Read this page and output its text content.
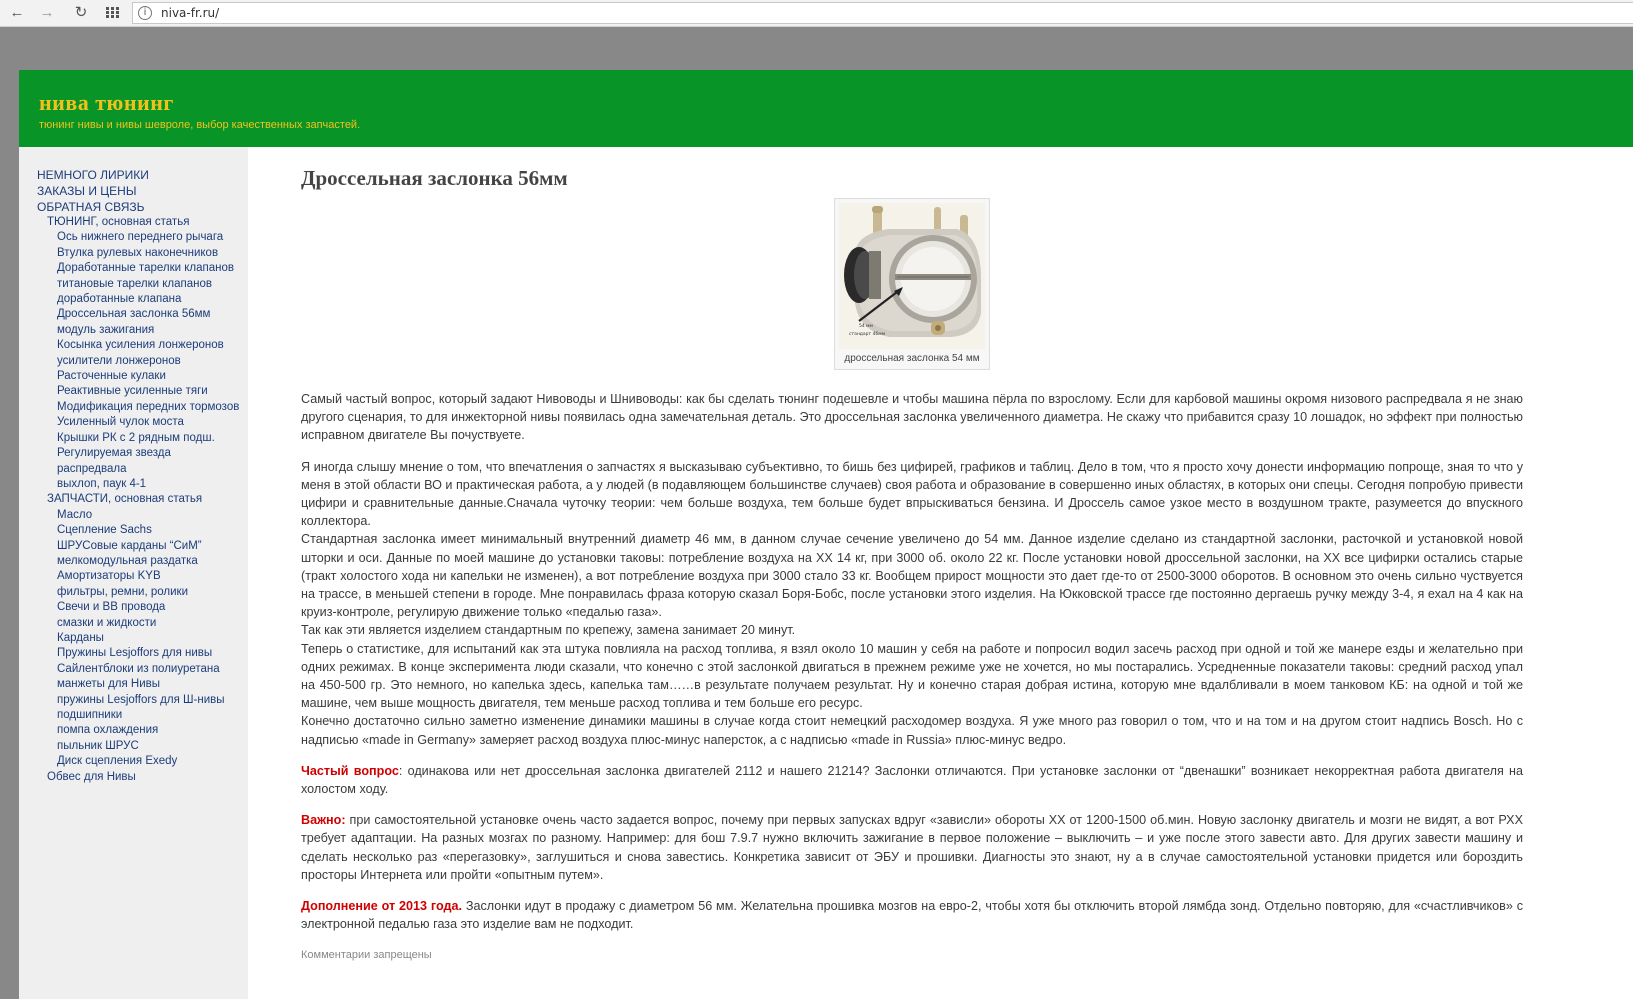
← → ↻	i	niva-fr.ru/
нива тюнинг
тюнинг нивы и нивы шевроле, выбор качественных запчастей.
НЕМНОГО ЛИРИКИ
ЗАКАЗЫ И ЦЕНЫ
ОБРАТНАЯ СВЯЗЬ
ТЮНИНГ, основная статья
Ось нижнего переднего рычага
Втулка рулевых наконечников
Доработанные тарелки клапанов
титановые тарелки клапанов
доработанные клапана
Дроссельная заслонка 56мм
модуль зажигания
Косынка усиления лонжеронов
усилители лонжеронов
Расточенные кулаки
Реактивные усиленные тяги
Модификация передних тормозов
Усиленный чулок моста
Крышки РК с 2 рядным подш.
Регулируемая звезда распредвала
выхлоп, паук 4-1
ЗАПЧАСТИ, основная статья
Масло
Сцепление Sachs
ШРУСовые карданы “СиМ”
мелкомодульная раздатка
Амортизаторы KYB
фильтры, ремни, ролики
Свечи и ВВ провода
смазки и жидкости
Карданы
Пружины Lesjoffors для нивы
Сайлентблоки из полиуретана
манжеты для Нивы
пружины Lesjoffors для Ш-нивы
подшипники
помпа охлаждения
пыльник ШРУС
Диск сцепления Exedy
Обвес для Нивы
Дроссельная заслонка 56мм
54 мм
стандарт 46мм
дроссельная заслонка 54 мм

Самый частый вопрос, который задают Нивоводы и Шнивоводы: как бы сделать тюнинг подешевле и чтобы машина пёрла по взрослому. Если для карбовой машины окромя низового распредвала я не знаю другого сценария, то для инжекторной нивы появилась одна замечательная деталь. Это дроссельная заслонка увеличенного диаметра. Не скажу что прибавится сразу 10 лошадок, но эффект при полностью исправном двигателе Вы почуствуете.

Я иногда слышу мнение о том, что впечатления о запчастях я высказываю субъективно, то бишь без цифирей, графиков и таблиц. Дело в том, что я просто хочу донести информацию попроще, зная то что у меня в этой области ВО и практическая работа, а у людей (в подавляющем большинстве случаев) своя работа и образование в совершенно иных областях, в которых они спецы. Сегодня попробую привести цифири и сравнительные данные.Сначала чуточку теории: чем больше воздуха, тем больше будет впрыскиваться бензина. И Дроссель самое узкое место в воздушном тракте, разумеется до впускного коллектора.

Стандартная заслонка имеет минимальный внутренний диаметр 46 мм, в данном случае сечение увеличено до 54 мм. Данное изделие сделано из стандартной заслонки, расточкой и установкой новой шторки и оси. Данные по моей машине до установки таковы: потребление воздуха на ХХ 14 кг, при 3000 об. около 22 кг. После установки новой дроссельной заслонки, на ХХ все цифирки остались старые (тракт холостого хода ни капельки не изменен), а вот потребление воздуха при 3000 стало 33 кг. Вообщем прирост мощности это дает где-то от 2500-3000 оборотов. В основном это очень сильно чуствуется на трассе, в меньшей степени в городе. Мне понравилась фраза которую сказал Боря-Бобс, после установки этого изделия. На Юкковской трассе где постоянно дергаешь ручку между 3-4, я ехал на 4 как на круиз-контроле, регулирую движение только «педалью газа».

Так как эти является изделием стандартным по крепежу, замена занимает 20 минут.

Теперь о статистике, для испытаний как эта штука повлияла на расход топлива, я взял около 10 машин у себя на работе и попросил водил засечь расход при одной и той же манере езды и желательно при одних режимах. В конце эксперимента люди сказали, что конечно с этой заслонкой двигаться в прежнем режиме уже не хочется, но мы постарались. Усредненные показатели таковы: средний расход упал на 450-500 гр. Это немного, но капелька здесь, капелька там……в результате получаем результат. Ну и конечно старая добрая истина, которую мне вдалбливали в моем танковом КБ: на одной и той же машине, чем выше мощность двигателя, тем меньше расход топлива и тем больше его ресурс.

Конечно достаточно сильно заметно изменение динамики машины в случае когда стоит немецкий расходомер воздуха. Я уже много раз говорил о том, что и на том и на другом стоит надпись Bosch. Но с надписью «made in Germany» замеряет расход воздуха плюс-минус наперсток, а с надписью «made in Russia» плюс-минус ведро.

Частый вопрос: одинакова или нет дроссельная заслонка двигателей 2112 и нашего 21214? Заслонки отличаются. При установке заслонки от “двенашки” возникает некорректная работа двигателя на холостом ходу.

Важно: при самостоятельной установке очень часто задается вопрос, почему при первых запусках вдруг «зависли» обороты ХХ от 1200-1500 об.мин. Новую заслонку двигатель и мозги не видят, а вот РХХ требует адаптации. На разных мозгах по разному. Например: для бош 7.9.7 нужно включить зажигание в первое положение – выключить – и уже после этого завести авто. Для других завести машину и сделать несколько раз «перегазовку», заглушиться и снова завестись. Конкретика зависит от ЭБУ и прошивки. Диагносты это знают, ну а в случае самостоятельной установки придется или бороздить просторы Интернета или пройти «опытным путем».

Дополнение от 2013 года. Заслонки идут в продажу с диаметром 56 мм. Желательна прошивка мозгов на евро-2, чтобы хотя бы отключить второй лямбда зонд. Отдельно повторяю, для «счастливчиков» с электронной педалью газа это изделие вам не подходит.

Комментарии запрещены
